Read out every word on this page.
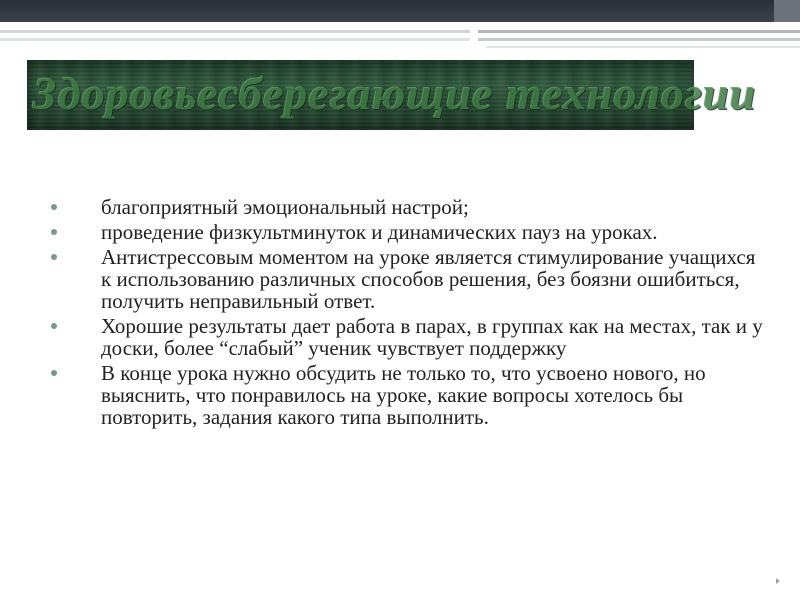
Здоровьесберегающие технологии
благоприятный эмоциональный настрой;
проведение физкультминуток и динамических пауз на уроках.
Антистрессовым моментом на уроке является стимулирование учащихся к использованию различных способов решения, без боязни ошибиться, получить неправильный ответ.
Хорошие результаты дает работа в парах, в группах как на местах, так и у доски, более “слабый” ученик чувствует поддержку
В конце урока нужно обсудить не только то, что усвоено нового, но выяснить, что понравилось на уроке, какие вопросы хотелось бы повторить, задания какого типа выполнить.
